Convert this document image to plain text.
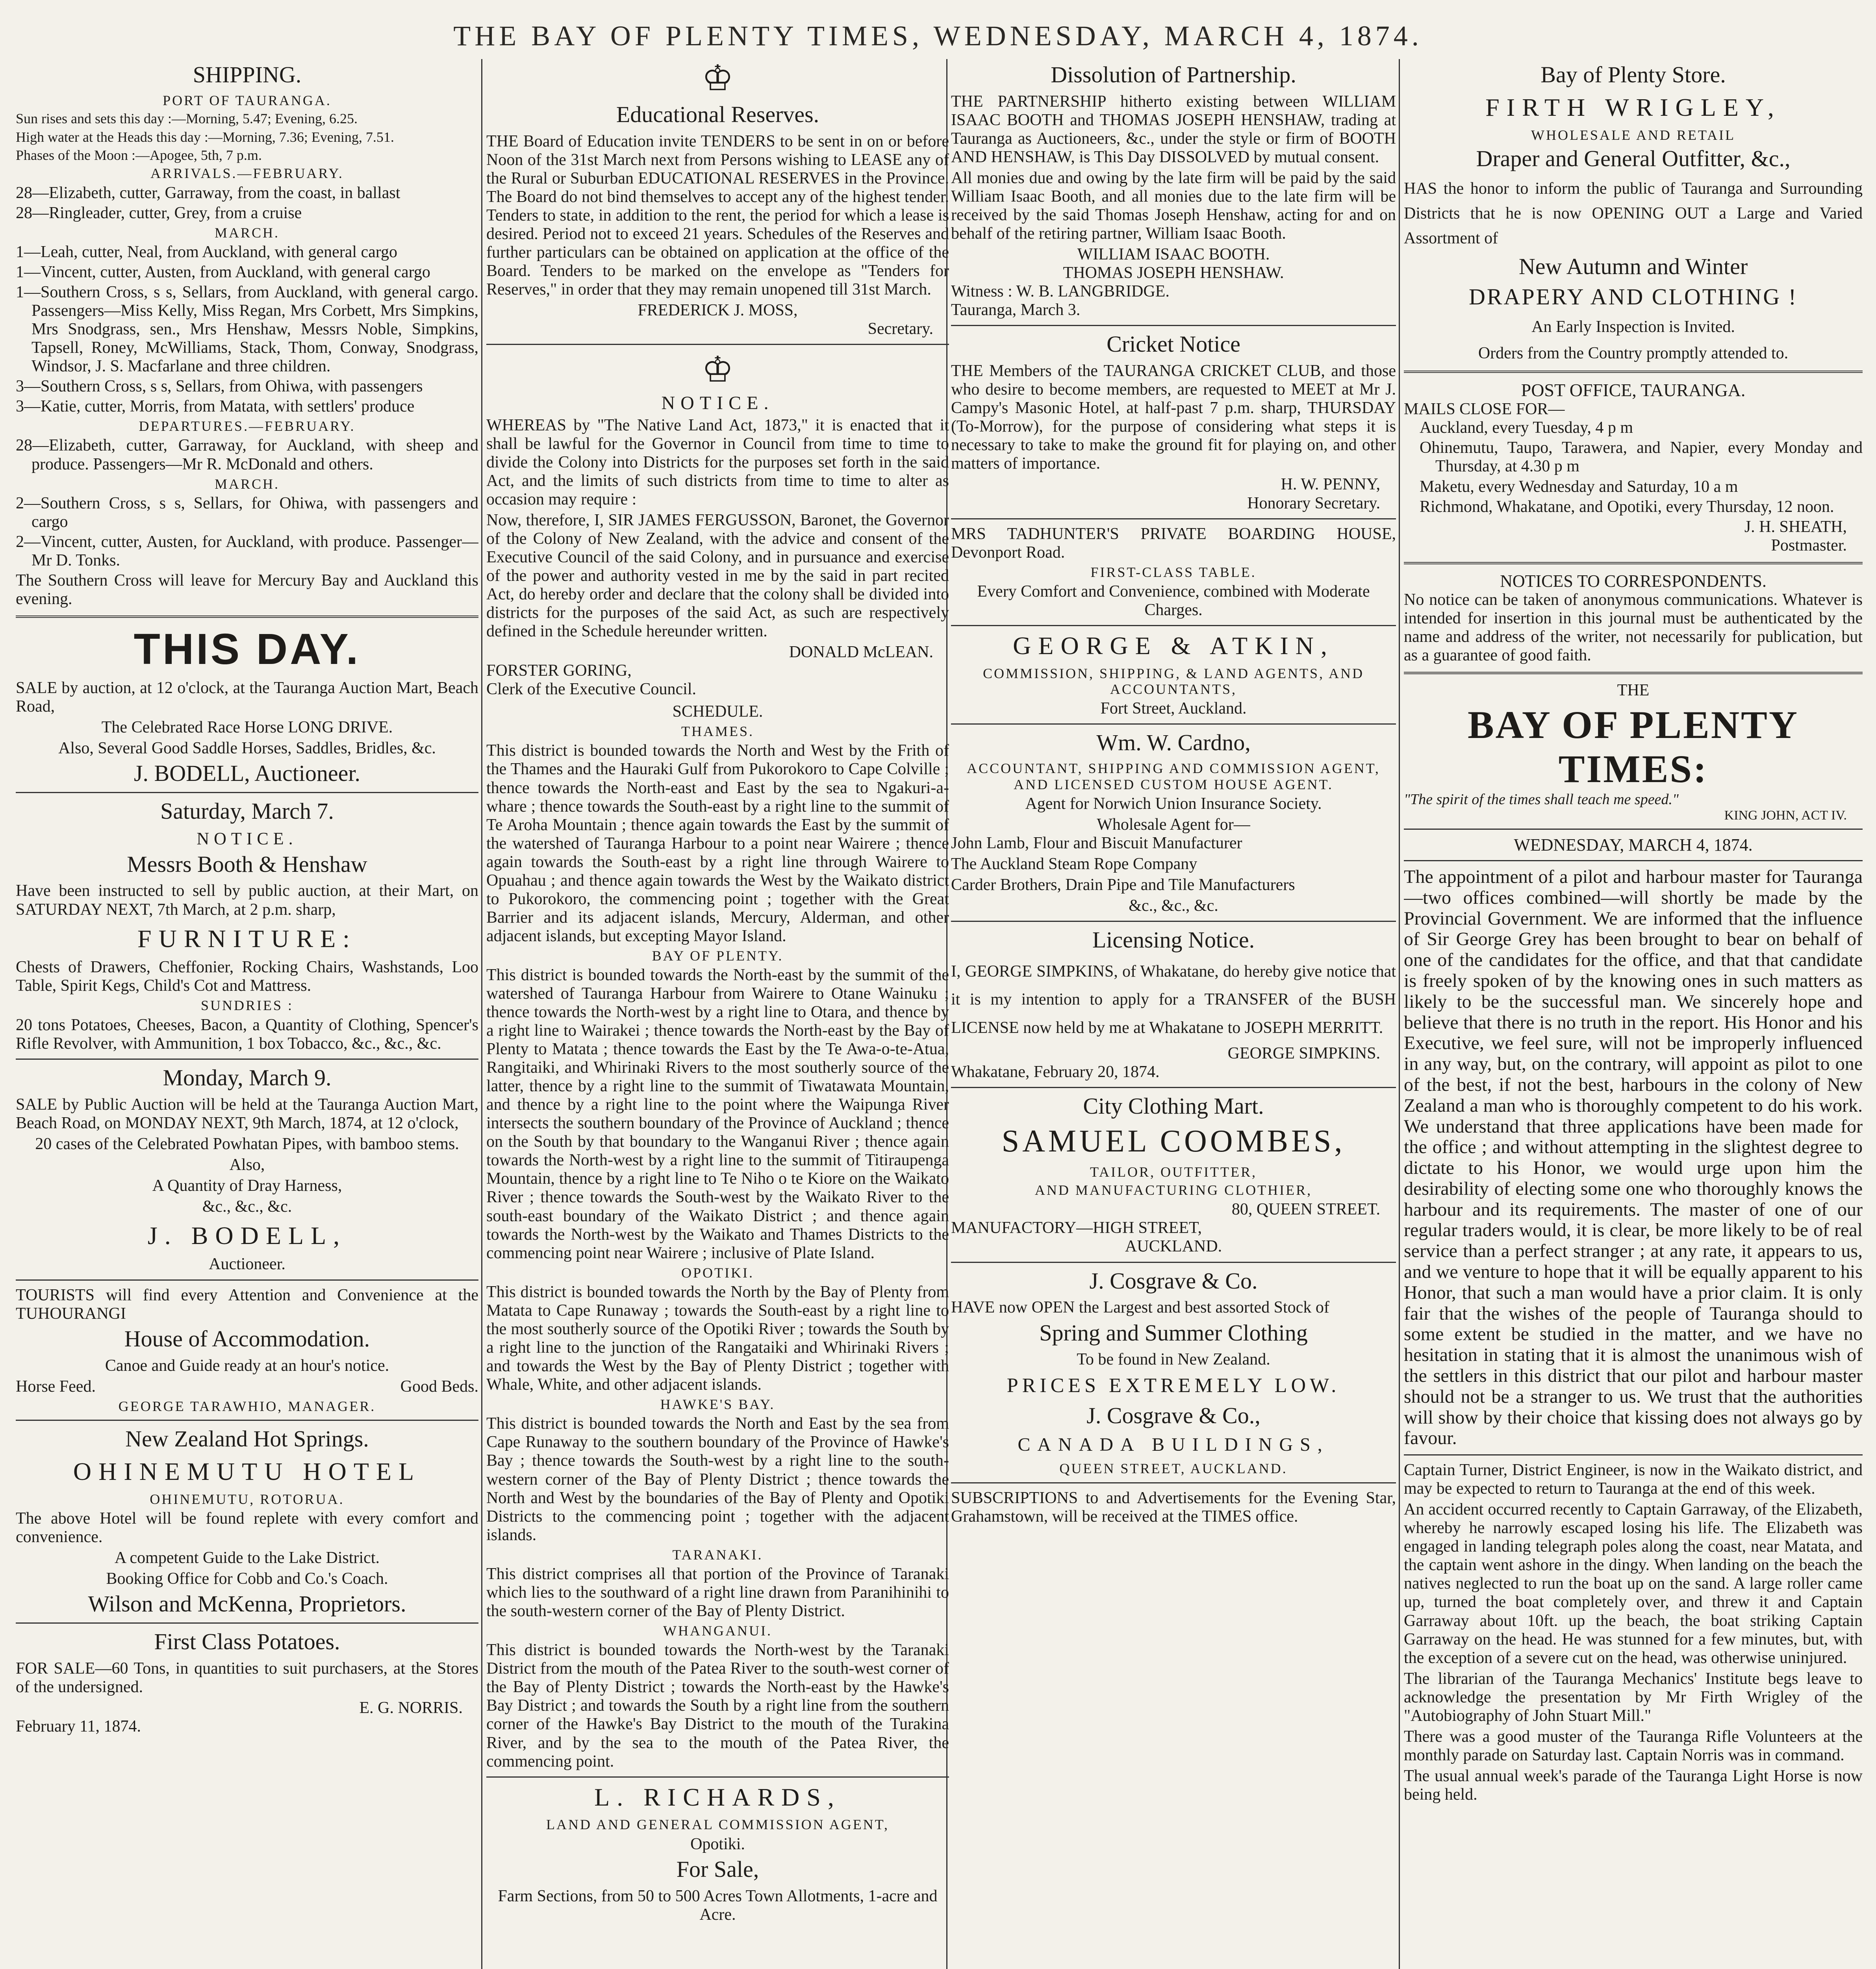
THE BAY OF PLENTY TIMES, WEDNESDAY, MARCH 4, 1874.
SHIPPING.
PORT OF TAURANGA.

Sun rises and sets this day :—Morning, 5.47; Evening, 6.25.

High water at the Heads this day :—Morning, 7.36; Evening, 7.51.

Phases of the Moon :—Apogee, 5th, 7 p.m.

ARRIVALS.—FEBRUARY.

28—Elizabeth, cutter, Garraway, from the coast, in ballast

28—Ringleader, cutter, Grey, from a cruise

MARCH.

1—Leah, cutter, Neal, from Auckland, with general cargo

1—Vincent, cutter, Austen, from Auckland, with general cargo

1—Southern Cross, s s, Sellars, from Auckland, with general cargo. Passengers—Miss Kelly, Miss Regan, Mrs Corbett, Mrs Simpkins, Mrs Snodgrass, sen., Mrs Henshaw, Messrs Noble, Simpkins, Tapsell, Roney, McWilliams, Stack, Thom, Conway, Snodgrass, Windsor, J. S. Macfarlane and three children.

3—Southern Cross, s s, Sellars, from Ohiwa, with passengers

3—Katie, cutter, Morris, from Matata, with settlers' produce

DEPARTURES.—FEBRUARY.

28—Elizabeth, cutter, Garraway, for Auckland, with sheep and produce. Passengers—Mr R. McDonald and others.

MARCH.

2—Southern Cross, s s, Sellars, for Ohiwa, with passengers and cargo

2—Vincent, cutter, Austen, for Auckland, with produce. Passenger—Mr D. Tonks.

The Southern Cross will leave for Mercury Bay and Auckland this evening.

THIS DAY.

SALE by auction, at 12 o'clock, at the Tauranga Auction Mart, Beach Road,

The Celebrated Race Horse LONG DRIVE.

Also, Several Good Saddle Horses, Saddles, Bridles, &c.

J. BODELL, Auctioneer.
Saturday, March 7.
NOTICE.
Messrs Booth & Henshaw

Have been instructed to sell by public auction, at their Mart, on SATURDAY NEXT, 7th March, at 2 p.m. sharp,

FURNITURE:

Chests of Drawers, Cheffonier, Rocking Chairs, Washstands, Loo Table, Spirit Kegs, Child's Cot and Mattress.

SUNDRIES :

20 tons Potatoes, Cheeses, Bacon, a Quantity of Clothing, Spencer's Rifle Revolver, with Ammunition, 1 box Tobacco, &c., &c., &c.

Monday, March 9.

SALE by Public Auction will be held at the Tauranga Auction Mart, Beach Road, on MONDAY NEXT, 9th March, 1874, at 12 o'clock,

20 cases of the Celebrated Powhatan Pipes, with bamboo stems.

Also,

A Quantity of Dray Harness,

&c., &c., &c.

J. BODELL,
Auctioneer.

TOURISTS will find every Attention and Convenience at the TUHOURANGI

House of Accommodation.

Canoe and Guide ready at an hour's notice.

Horse Feed.	Good Beds.
GEORGE TARAWHIO, MANAGER.
New Zealand Hot Springs.
OHINEMUTU HOTEL
OHINEMUTU, ROTORUA.

The above Hotel will be found replete with every comfort and convenience.

A competent Guide to the Lake District.

Booking Office for Cobb and Co.'s Coach.

Wilson and McKenna, Proprietors.
First Class Potatoes.

FOR SALE—60 Tons, in quantities to suit purchasers, at the Stores of the undersigned.

E. G. NORRIS.
February 11, 1874.
♔
Educational Reserves.

THE Board of Education invite TENDERS to be sent in on or before Noon of the 31st March next from Persons wishing to LEASE any of the Rural or Suburban EDUCATIONAL RESERVES in the Province. The Board do not bind themselves to accept any of the highest tender. Tenders to state, in addition to the rent, the period for which a lease is desired. Period not to exceed 21 years. Schedules of the Reserves and further particulars can be obtained on application at the office of the Board. Tenders to be marked on the envelope as "Tenders for Reserves," in order that they may remain unopened till 31st March.

FREDERICK J. MOSS,
Secretary.
♔
NOTICE.

WHEREAS by "The Native Land Act, 1873," it is enacted that it shall be lawful for the Governor in Council from time to time to divide the Colony into Districts for the purposes set forth in the said Act, and the limits of such districts from time to time to alter as occasion may require :

Now, therefore, I, SIR JAMES FERGUSSON, Baronet, the Governor of the Colony of New Zealand, with the advice and consent of the Executive Council of the said Colony, and in pursuance and exercise of the power and authority vested in me by the said in part recited Act, do hereby order and declare that the colony shall be divided into districts for the purposes of the said Act, as such are respectively defined in the Schedule hereunder written.

DONALD McLEAN.
FORSTER GORING,
Clerk of the Executive Council.
SCHEDULE.
THAMES.

This district is bounded towards the North and West by the Frith of the Thames and the Hauraki Gulf from Pukorokoro to Cape Colville ; thence towards the North-east and East by the sea to Ngakuri-a-whare ; thence towards the South-east by a right line to the summit of Te Aroha Mountain ; thence again towards the East by the summit of the watershed of Tauranga Harbour to a point near Wairere ; thence again towards the South-east by a right line through Wairere to Opuahau ; and thence again towards the West by the Waikato district to Pukorokoro, the commencing point ; together with the Great Barrier and its adjacent islands, Mercury, Alderman, and other adjacent islands, but excepting Mayor Island.

BAY OF PLENTY.

This district is bounded towards the North-east by the summit of the watershed of Tauranga Harbour from Wairere to Otane Wainuku ; thence towards the North-west by a right line to Otara, and thence by a right line to Wairakei ; thence towards the North-east by the Bay of Plenty to Matata ; thence towards the East by the Te Awa-o-te-Atua, Rangitaiki, and Whirinaki Rivers to the most southerly source of the latter, thence by a right line to the summit of Tiwatawata Mountain, and thence by a right line to the point where the Waipunga River intersects the southern boundary of the Province of Auckland ; thence on the South by that boundary to the Wanganui River ; thence again towards the North-west by a right line to the summit of Titiraupenga Mountain, thence by a right line to Te Niho o te Kiore on the Waikato River ; thence towards the South-west by the Waikato River to the south-east boundary of the Waikato District ; and thence again towards the North-west by the Waikato and Thames Districts to the commencing point near Wairere ; inclusive of Plate Island.

OPOTIKI.

This district is bounded towards the North by the Bay of Plenty from Matata to Cape Runaway ; towards the South-east by a right line to the most southerly source of the Opotiki River ; towards the South by a right line to the junction of the Rangataiki and Whirinaki Rivers ; and towards the West by the Bay of Plenty District ; together with Whale, White, and other adjacent islands.

HAWKE'S BAY.

This district is bounded towards the North and East by the sea from Cape Runaway to the southern boundary of the Province of Hawke's Bay ; thence towards the South-west by a right line to the south-western corner of the Bay of Plenty District ; thence towards the North and West by the boundaries of the Bay of Plenty and Opotiki Districts to the commencing point ; together with the adjacent islands.

TARANAKI.

This district comprises all that portion of the Province of Taranaki which lies to the southward of a right line drawn from Paranihinihi to the south-western corner of the Bay of Plenty District.

WHANGANUI.

This district is bounded towards the North-west by the Taranaki District from the mouth of the Patea River to the south-west corner of the Bay of Plenty District ; towards the North-east by the Hawke's Bay District ; and towards the South by a right line from the southern corner of the Hawke's Bay District to the mouth of the Turakina River, and by the sea to the mouth of the Patea River, the commencing point.

L. RICHARDS,
LAND AND GENERAL COMMISSION AGENT,
Opotiki.
For Sale,

Farm Sections, from 50 to 500 Acres Town Allotments, 1-acre and Acre.

Dissolution of Partnership.

THE PARTNERSHIP hitherto existing between WILLIAM ISAAC BOOTH and THOMAS JOSEPH HENSHAW, trading at Tauranga as Auctioneers, &c., under the style or firm of BOOTH AND HENSHAW, is This Day DISSOLVED by mutual consent.

All monies due and owing by the late firm will be paid by the said William Isaac Booth, and all monies due to the late firm will be received by the said Thomas Joseph Henshaw, acting for and on behalf of the retiring partner, William Isaac Booth.

WILLIAM ISAAC BOOTH.
THOMAS JOSEPH HENSHAW.
Witness : W. B. LANGBRIDGE.
Tauranga, March 3.
Cricket Notice

THE Members of the TAURANGA CRICKET CLUB, and those who desire to become members, are requested to MEET at Mr J. Campy's Masonic Hotel, at half-past 7 p.m. sharp, THURSDAY (To-Morrow), for the purpose of considering what steps it is necessary to take to make the ground fit for playing on, and other matters of importance.

H. W. PENNY,
Honorary Secretary.

MRS TADHUNTER'S PRIVATE BOARDING HOUSE, Devonport Road.

FIRST-CLASS TABLE.

Every Comfort and Convenience, combined with Moderate Charges.

GEORGE & ATKIN,
COMMISSION, SHIPPING, & LAND AGENTS, AND ACCOUNTANTS,
Fort Street, Auckland.
Wm. W. Cardno,
ACCOUNTANT, SHIPPING AND COMMISSION AGENT, AND LICENSED CUSTOM HOUSE AGENT.

Agent for Norwich Union Insurance Society.

Wholesale Agent for—

John Lamb, Flour and Biscuit Manufacturer

The Auckland Steam Rope Company

Carder Brothers, Drain Pipe and Tile Manufacturers

&c., &c., &c.

Licensing Notice.

I, GEORGE SIMPKINS, of Whakatane, do hereby give notice that it is my intention to apply for a TRANSFER of the BUSH LICENSE now held by me at Whakatane to JOSEPH MERRITT.

GEORGE SIMPKINS.
Whakatane, February 20, 1874.
City Clothing Mart.
SAMUEL COOMBES,
TAILOR, OUTFITTER,
AND MANUFACTURING CLOTHIER,
80, QUEEN STREET.
MANUFACTORY—HIGH STREET,
AUCKLAND.
J. Cosgrave & Co.

HAVE now OPEN the Largest and best assorted Stock of

Spring and Summer Clothing
To be found in New Zealand.
PRICES EXTREMELY LOW.
J. Cosgrave & Co.,
CANADA BUILDINGS,
QUEEN STREET, AUCKLAND.

SUBSCRIPTIONS to and Advertisements for the Evening Star, Grahamstown, will be received at the TIMES office.

Bay of Plenty Store.
FIRTH WRIGLEY,
WHOLESALE AND RETAIL
Draper and General Outfitter, &c.,

HAS the honor to inform the public of Tauranga and Surrounding Districts that he is now OPENING OUT a Large and Varied Assortment of

New Autumn and Winter
DRAPERY AND CLOTHING !
An Early Inspection is Invited.
Orders from the Country promptly attended to.
POST OFFICE, TAURANGA.
MAILS CLOSE FOR—

Auckland, every Tuesday, 4 p m

Ohinemutu, Taupo, Tarawera, and Napier, every Monday and Thursday, at 4.30 p m

Maketu, every Wednesday and Saturday, 10 a m

Richmond, Whakatane, and Opotiki, every Thursday, 12 noon.

J. H. SHEATH,
Postmaster.
NOTICES TO CORRESPONDENTS.

No notice can be taken of anonymous communications. Whatever is intended for insertion in this journal must be authenticated by the name and address of the writer, not necessarily for publication, but as a guarantee of good faith.

THE
BAY OF PLENTY TIMES:
"The spirit of the times shall teach me speed."
KING JOHN, ACT IV.
WEDNESDAY, MARCH 4, 1874.

The appointment of a pilot and harbour master for Tauranga—two offices combined—will shortly be made by the Provincial Government. We are informed that the influence of Sir George Grey has been brought to bear on behalf of one of the candidates for the office, and that that candidate is freely spoken of by the knowing ones in such matters as likely to be the successful man. We sincerely hope and believe that there is no truth in the report. His Honor and his Executive, we feel sure, will not be improperly influenced in any way, but, on the contrary, will appoint as pilot to one of the best, if not the best, harbours in the colony of New Zealand a man who is thoroughly competent to do his work. We understand that three applications have been made for the office ; and without attempting in the slightest degree to dictate to his Honor, we would urge upon him the desirability of electing some one who thoroughly knows the harbour and its requirements. The master of one of our regular traders would, it is clear, be more likely to be of real service than a perfect stranger ; at any rate, it appears to us, and we venture to hope that it will be equally apparent to his Honor, that such a man would have a prior claim. It is only fair that the wishes of the people of Tauranga should to some extent be studied in the matter, and we have no hesitation in stating that it is almost the unanimous wish of the settlers in this district that our pilot and harbour master should not be a stranger to us. We trust that the authorities will show by their choice that kissing does not always go by favour.

Captain Turner, District Engineer, is now in the Waikato district, and may be expected to return to Tauranga at the end of this week.

An accident occurred recently to Captain Garraway, of the Elizabeth, whereby he narrowly escaped losing his life. The Elizabeth was engaged in landing telegraph poles along the coast, near Matata, and the captain went ashore in the dingy. When landing on the beach the natives neglected to run the boat up on the sand. A large roller came up, turned the boat completely over, and threw it and Captain Garraway about 10ft. up the beach, the boat striking Captain Garraway on the head. He was stunned for a few minutes, but, with the exception of a severe cut on the head, was otherwise uninjured.

The librarian of the Tauranga Mechanics' Institute begs leave to acknowledge the presentation by Mr Firth Wrigley of the "Autobiography of John Stuart Mill."

There was a good muster of the Tauranga Rifle Volunteers at the monthly parade on Saturday last. Captain Norris was in command.

The usual annual week's parade of the Tauranga Light Horse is now being held.
